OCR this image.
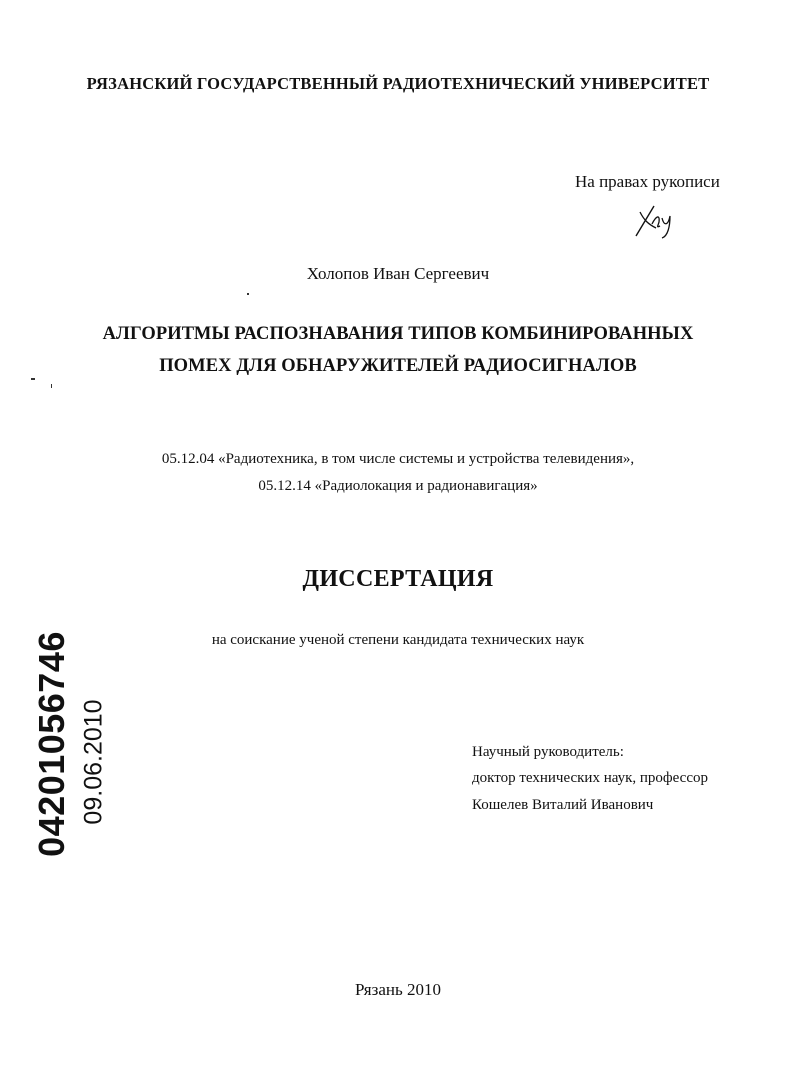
РЯЗАНСКИЙ ГОСУДАРСТВЕННЫЙ РАДИОТЕХНИЧЕСКИЙ УНИВЕРСИТЕТ
На правах рукописи
Холопов Иван Сергеевич
АЛГОРИТМЫ РАСПОЗНАВАНИЯ ТИПОВ КОМБИНИРОВАННЫХ
ПОМЕХ ДЛЯ ОБНАРУЖИТЕЛЕЙ РАДИОСИГНАЛОВ
05.12.04 «Радиотехника, в том числе системы и устройства телевидения»,
05.12.14 «Радиолокация и радионавигация»
ДИССЕРТАЦИЯ
на соискание ученой степени кандидата технических наук
Научный руководитель:
доктор технических наук, профессор
Кошелев Виталий Иванович
Рязань 2010
04201056746 09.06.2010
